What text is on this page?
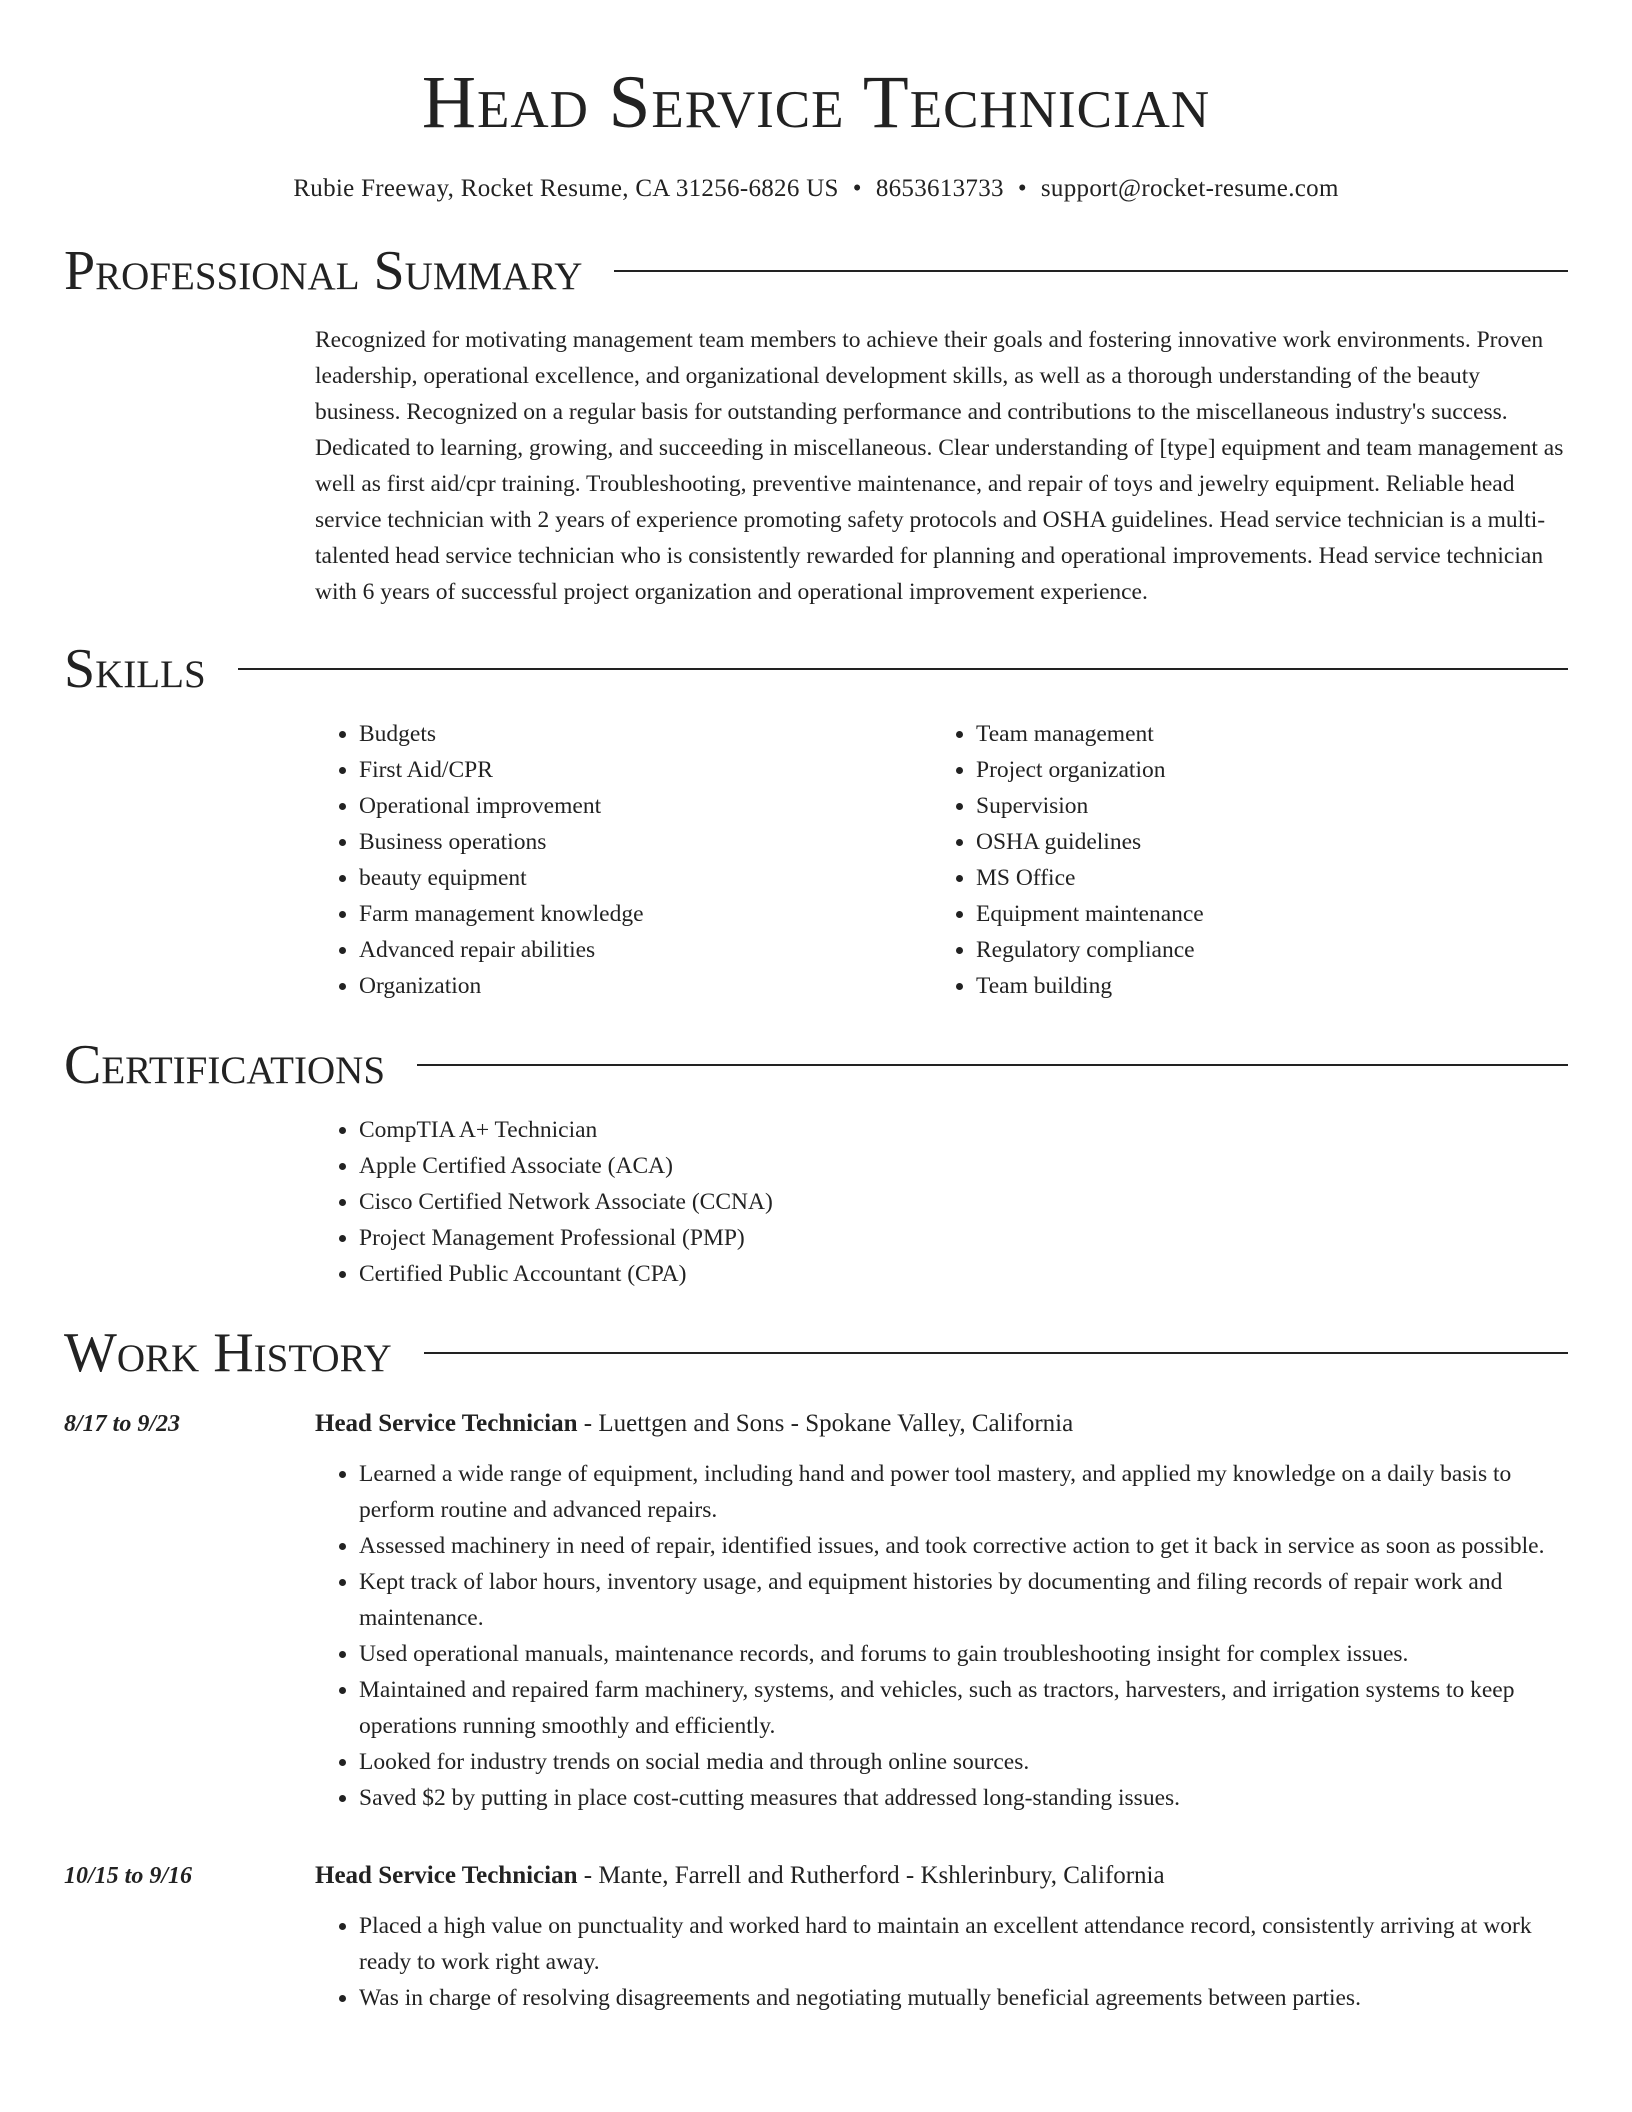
Head Service Technician
Rubie Freeway, Rocket Resume, CA 31256-6826 US • 8653613733 • support@rocket-resume.com
Professional Summary
Recognized for motivating management team members to achieve their goals and fostering innovative work environments. Proven leadership, operational excellence, and organizational development skills, as well as a thorough understanding of the beauty business. Recognized on a regular basis for outstanding performance and contributions to the miscellaneous industry's success. Dedicated to learning, growing, and succeeding in miscellaneous. Clear understanding of [type] equipment and team management as well as first aid/cpr training. Troubleshooting, preventive maintenance, and repair of toys and jewelry equipment. Reliable head service technician with 2 years of experience promoting safety protocols and OSHA guidelines. Head service technician is a multi-talented head service technician who is consistently rewarded for planning and operational improvements. Head service technician with 6 years of successful project organization and operational improvement experience.
Skills
• Budgets
• First Aid/CPR
• Operational improvement
• Business operations
• beauty equipment
• Farm management knowledge
• Advanced repair abilities
• Organization
• Team management
• Project organization
• Supervision
• OSHA guidelines
• MS Office
• Equipment maintenance
• Regulatory compliance
• Team building
Certifications
• CompTIA A+ Technician
• Apple Certified Associate (ACA)
• Cisco Certified Network Associate (CCNA)
• Project Management Professional (PMP)
• Certified Public Accountant (CPA)
Work History
8/17 to 9/23	Head Service Technician - Luettgen and Sons - Spokane Valley, California
• Learned a wide range of equipment, including hand and power tool mastery, and applied my knowledge on a daily basis to perform routine and advanced repairs.
• Assessed machinery in need of repair, identified issues, and took corrective action to get it back in service as soon as possible.
• Kept track of labor hours, inventory usage, and equipment histories by documenting and filing records of repair work and maintenance.
• Used operational manuals, maintenance records, and forums to gain troubleshooting insight for complex issues.
• Maintained and repaired farm machinery, systems, and vehicles, such as tractors, harvesters, and irrigation systems to keep operations running smoothly and efficiently.
• Looked for industry trends on social media and through online sources.
• Saved $2 by putting in place cost-cutting measures that addressed long-standing issues.
10/15 to 9/16	Head Service Technician - Mante, Farrell and Rutherford - Kshlerinbury, California
• Placed a high value on punctuality and worked hard to maintain an excellent attendance record, consistently arriving at work ready to work right away.
• Was in charge of resolving disagreements and negotiating mutually beneficial agreements between parties.
